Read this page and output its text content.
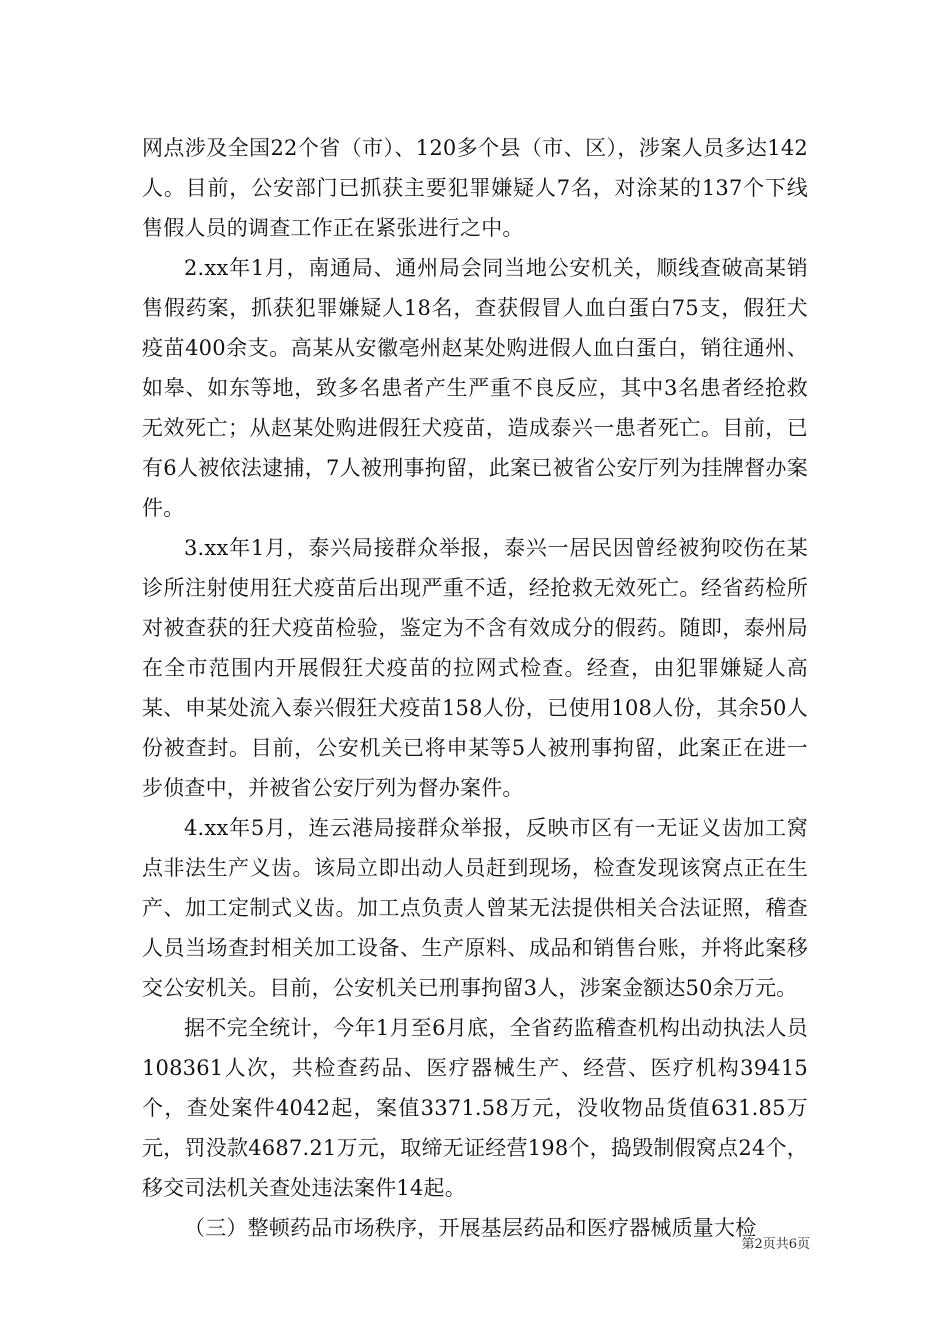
网点涉及全国22个省（市）、120多个县（市、区），涉案人员多达142人。目前，公安部门已抓获主要犯罪嫌疑人7名，对涂某的137个下线售假人员的调查工作正在紧张进行之中。

2.xx年1月，南通局、通州局会同当地公安机关，顺线查破高某销售假药案，抓获犯罪嫌疑人18名，查获假冒人血白蛋白75支，假狂犬疫苗400余支。高某从安徽亳州赵某处购进假人血白蛋白，销往通州、如皋、如东等地，致多名患者产生严重不良反应，其中3名患者经抢救无效死亡；从赵某处购进假狂犬疫苗，造成泰兴一患者死亡。目前，已有6人被依法逮捕，7人被刑事拘留，此案已被省公安厅列为挂牌督办案件。

3.xx年1月，泰兴局接群众举报，泰兴一居民因曾经被狗咬伤在某诊所注射使用狂犬疫苗后出现严重不适，经抢救无效死亡。经省药检所对被查获的狂犬疫苗检验，鉴定为不含有效成分的假药。随即，泰州局在全市范围内开展假狂犬疫苗的拉网式检查。经查，由犯罪嫌疑人高某、申某处流入泰兴假狂犬疫苗158人份，已使用108人份，其余50人份被查封。目前，公安机关已将申某等5人被刑事拘留，此案正在进一步侦查中，并被省公安厅列为督办案件。

4.xx年5月，连云港局接群众举报，反映市区有一无证义齿加工窝点非法生产义齿。该局立即出动人员赶到现场，检查发现该窝点正在生产、加工定制式义齿。加工点负责人曾某无法提供相关合法证照，稽查人员当场查封相关加工设备、生产原料、成品和销售台账，并将此案移交公安机关。目前，公安机关已刑事拘留3人，涉案金额达50余万元。

据不完全统计，今年1月至6月底，全省药监稽查机构出动执法人员108361人次，共检查药品、医疗器械生产、经营、医疗机构39415个，查处案件4042起，案值3371.58万元，没收物品货值631.85万元，罚没款4687.21万元，取缔无证经营198个，捣毁制假窝点24个，移交司法机关查处违法案件14起。

（三）整顿药品市场秩序，开展基层药品和医疗器械质量大检

第2页共6页
